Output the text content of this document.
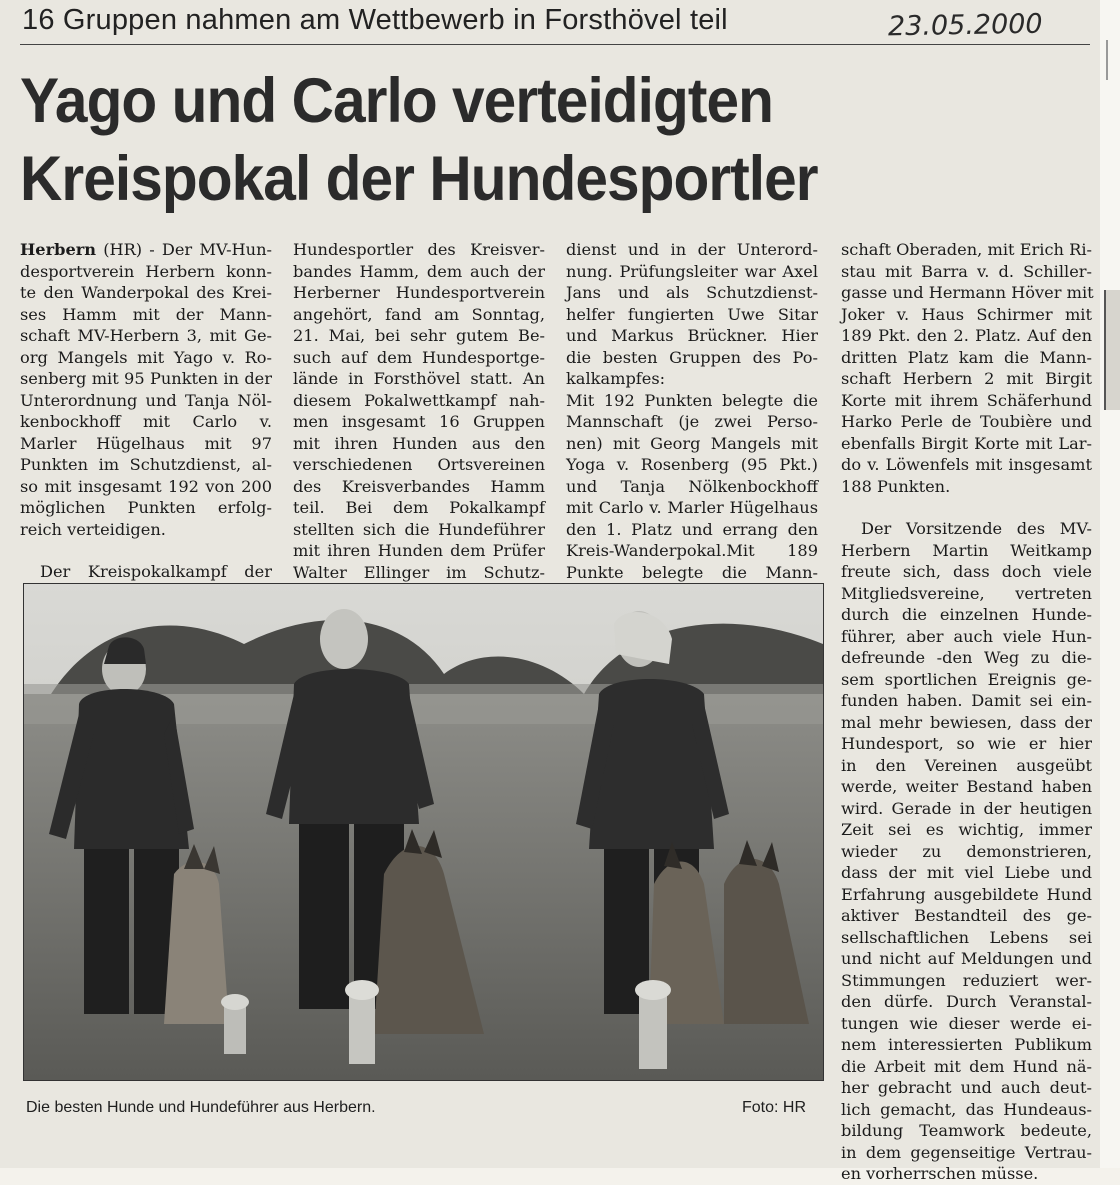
16 Gruppen nahmen am Wettbewerb in Forsthövel teil	23.05.2000
Yago und Carlo verteidigten
Kreispokal der Hundesportler
Herbern (HR) - Der MV-Hun-
desportverein Herbern konn-
te den Wanderpokal des Krei-
ses Hamm mit der Mann-
schaft MV-Herbern 3, mit Ge-
org Mangels mit Yago v. Ro-
senberg mit 95 Punkten in der
Unterordnung und Tanja Nöl-
kenbockhoff mit Carlo v.
Marler Hügelhaus mit 97
Punkten im Schutzdienst, al-
so mit insgesamt 192 von 200
möglichen Punkten erfolg-
reich verteidigen.
Der Kreispokalkampf der
Hundesportler des Kreisver-
bandes Hamm, dem auch der
Herberner Hundesportverein
angehört, fand am Sonntag,
21. Mai, bei sehr gutem Be-
such auf dem Hundesportge-
lände in Forsthövel statt. An
diesem Pokalwettkampf nah-
men insgesamt 16 Gruppen
mit ihren Hunden aus den
verschiedenen Ortsvereinen
des Kreisverbandes Hamm
teil. Bei dem Pokalkampf
stellten sich die Hundeführer
mit ihren Hunden dem Prüfer
Walter Ellinger im Schutz-
dienst und in der Unterord-
nung. Prüfungsleiter war Axel
Jans und als Schutzdienst-
helfer fungierten Uwe Sitar
und Markus Brückner. Hier
die besten Gruppen des Po-
kalkampfes:
Mit 192 Punkten belegte die
Mannschaft (je zwei Perso-
nen) mit Georg Mangels mit
Yoga v. Rosenberg (95 Pkt.)
und Tanja Nölkenbockhoff
mit Carlo v. Marler Hügelhaus
den 1. Platz und errang den
Kreis-Wanderpokal.Mit 189
Punkte belegte die Mann-
schaft Oberaden, mit Erich Ri-
stau mit Barra v. d. Schiller-
gasse und Hermann Höver mit
Joker v. Haus Schirmer mit
189 Pkt. den 2. Platz. Auf den
dritten Platz kam die Mann-
schaft Herbern 2 mit Birgit
Korte mit ihrem Schäferhund
Harko Perle de Toubière und
ebenfalls Birgit Korte mit Lar-
do v. Löwenfels mit insgesamt
188 Punkten.
Der Vorsitzende des MV-
Herbern Martin Weitkamp
freute sich, dass doch viele
Mitgliedsvereine, vertreten
durch die einzelnen Hunde-
führer, aber auch viele Hun-
defreunde -den Weg zu die-
sem sportlichen Ereignis ge-
funden haben. Damit sei ein-
mal mehr bewiesen, dass der
Hundesport, so wie er hier
in den Vereinen ausgeübt
werde, weiter Bestand haben
wird. Gerade in der heutigen
Zeit sei es wichtig, immer
wieder zu demonstrieren,
dass der mit viel Liebe und
Erfahrung ausgebildete Hund
aktiver Bestandteil des ge-
sellschaftlichen Lebens sei
und nicht auf Meldungen und
Stimmungen reduziert wer-
den dürfe. Durch Veranstal-
tungen wie dieser werde ei-
nem interessierten Publikum
die Arbeit mit dem Hund nä-
her gebracht und auch deut-
lich gemacht, das Hundeaus-
bildung Teamwork bedeute,
in dem gegenseitige Vertrau-
en vorherrschen müsse.
Die besten Hunde und Hundeführer aus Herbern.	Foto: HR
